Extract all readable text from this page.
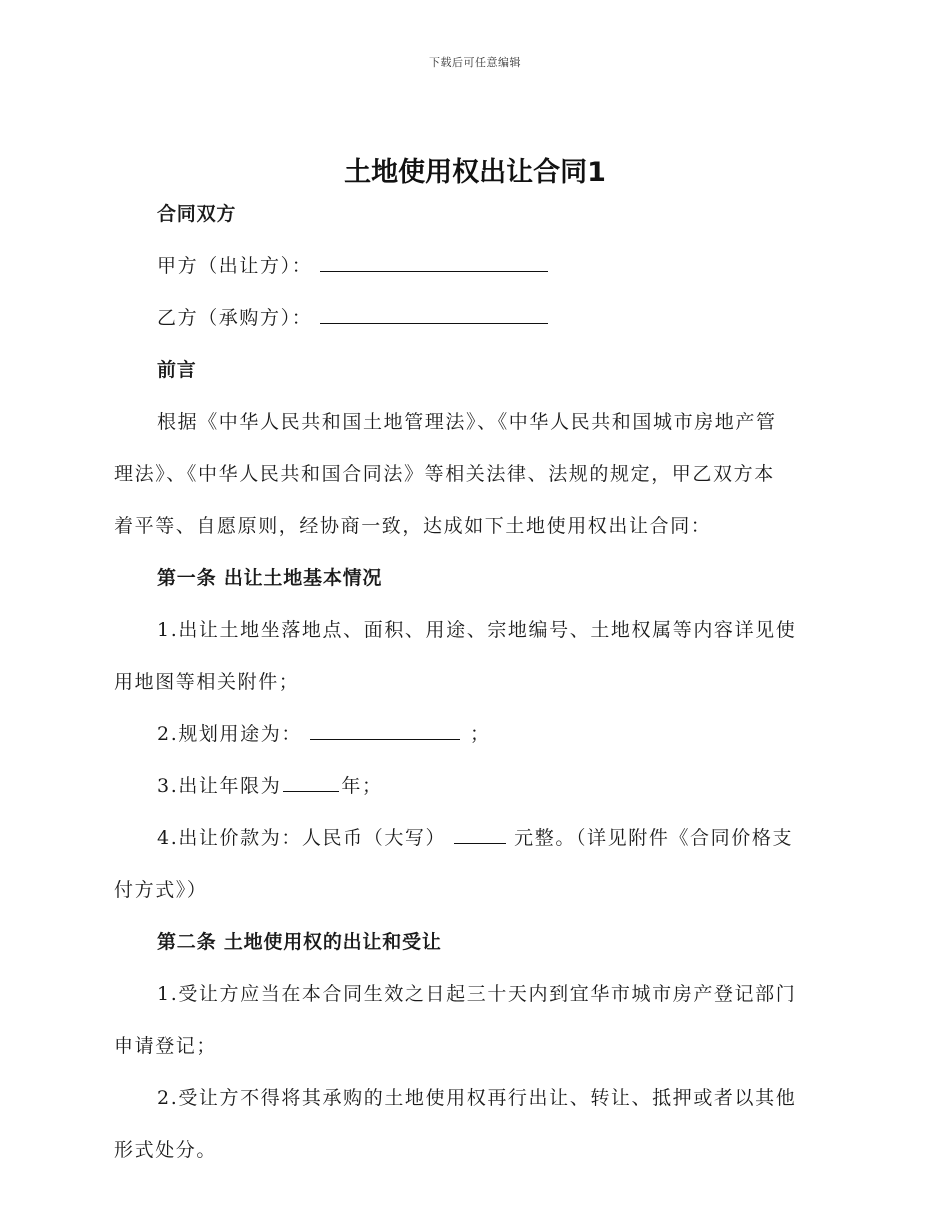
下载后可任意编辑
土地使用权出让合同1

合同双方

甲方（出让方）：

乙方（承购方）：

前言

根据《中华人民共和国土地管理法》、《中华人民共和国城市房地产管

理法》、《中华人民共和国合同法》等相关法律、法规的规定，甲乙双方本

着平等、自愿原则，经协商一致，达成如下土地使用权出让合同：

第一条 出让土地基本情况

1.出让土地坐落地点、面积、用途、宗地编号、土地权属等内容详见使

用地图等相关附件；

2.规划用途为：	；

3.出让年限为	年；

4.出让价款为：人民币（大写）	元整。（详见附件《合同价格支

付方式》）

第二条 土地使用权的出让和受让

1.受让方应当在本合同生效之日起三十天内到宜华市城市房产登记部门

申请登记；

2.受让方不得将其承购的土地使用权再行出让、转让、抵押或者以其他

形式处分。
